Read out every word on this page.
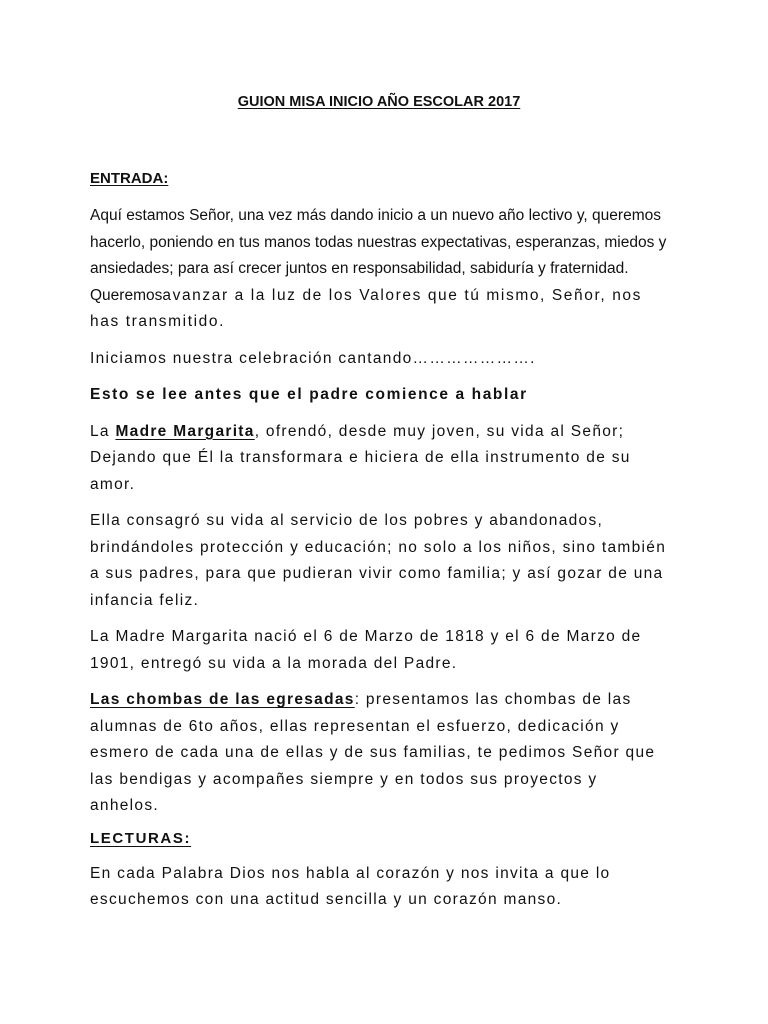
GUION MISA INICIO AÑO ESCOLAR 2017
ENTRADA:

Aquí estamos Señor, una vez más dando inicio a un nuevo año lectivo y, queremos hacerlo, poniendo en tus manos todas nuestras expectativas, esperanzas, miedos y ansiedades; para así crecer juntos en responsabilidad, sabiduría y fraternidad. Queremosavanzar a la luz de los Valores que tú mismo, Señor, nos has transmitido.

Iniciamos nuestra celebración cantando………………….

Esto se lee antes que el padre comience a hablar

La Madre Margarita, ofrendó, desde muy joven, su vida al Señor; Dejando que Él la transformara e hiciera de ella instrumento de su amor.

Ella consagró su vida al servicio de los pobres y abandonados, brindándoles protección y educación; no solo a los niños, sino también a sus padres, para que pudieran vivir como familia; y así gozar de una infancia feliz.

La Madre Margarita nació el 6 de Marzo de 1818 y el 6 de Marzo de 1901, entregó su vida a la morada del Padre.

Las chombas de las egresadas: presentamos las chombas de las alumnas de 6to años, ellas representan el esfuerzo, dedicación y esmero de cada una de ellas y de sus familias, te pedimos Señor que las bendigas y acompañes siempre y en todos sus proyectos y anhelos.

LECTURAS:

En cada Palabra Dios nos habla al corazón y nos invita a que lo escuchemos con una actitud sencilla y un corazón manso.
